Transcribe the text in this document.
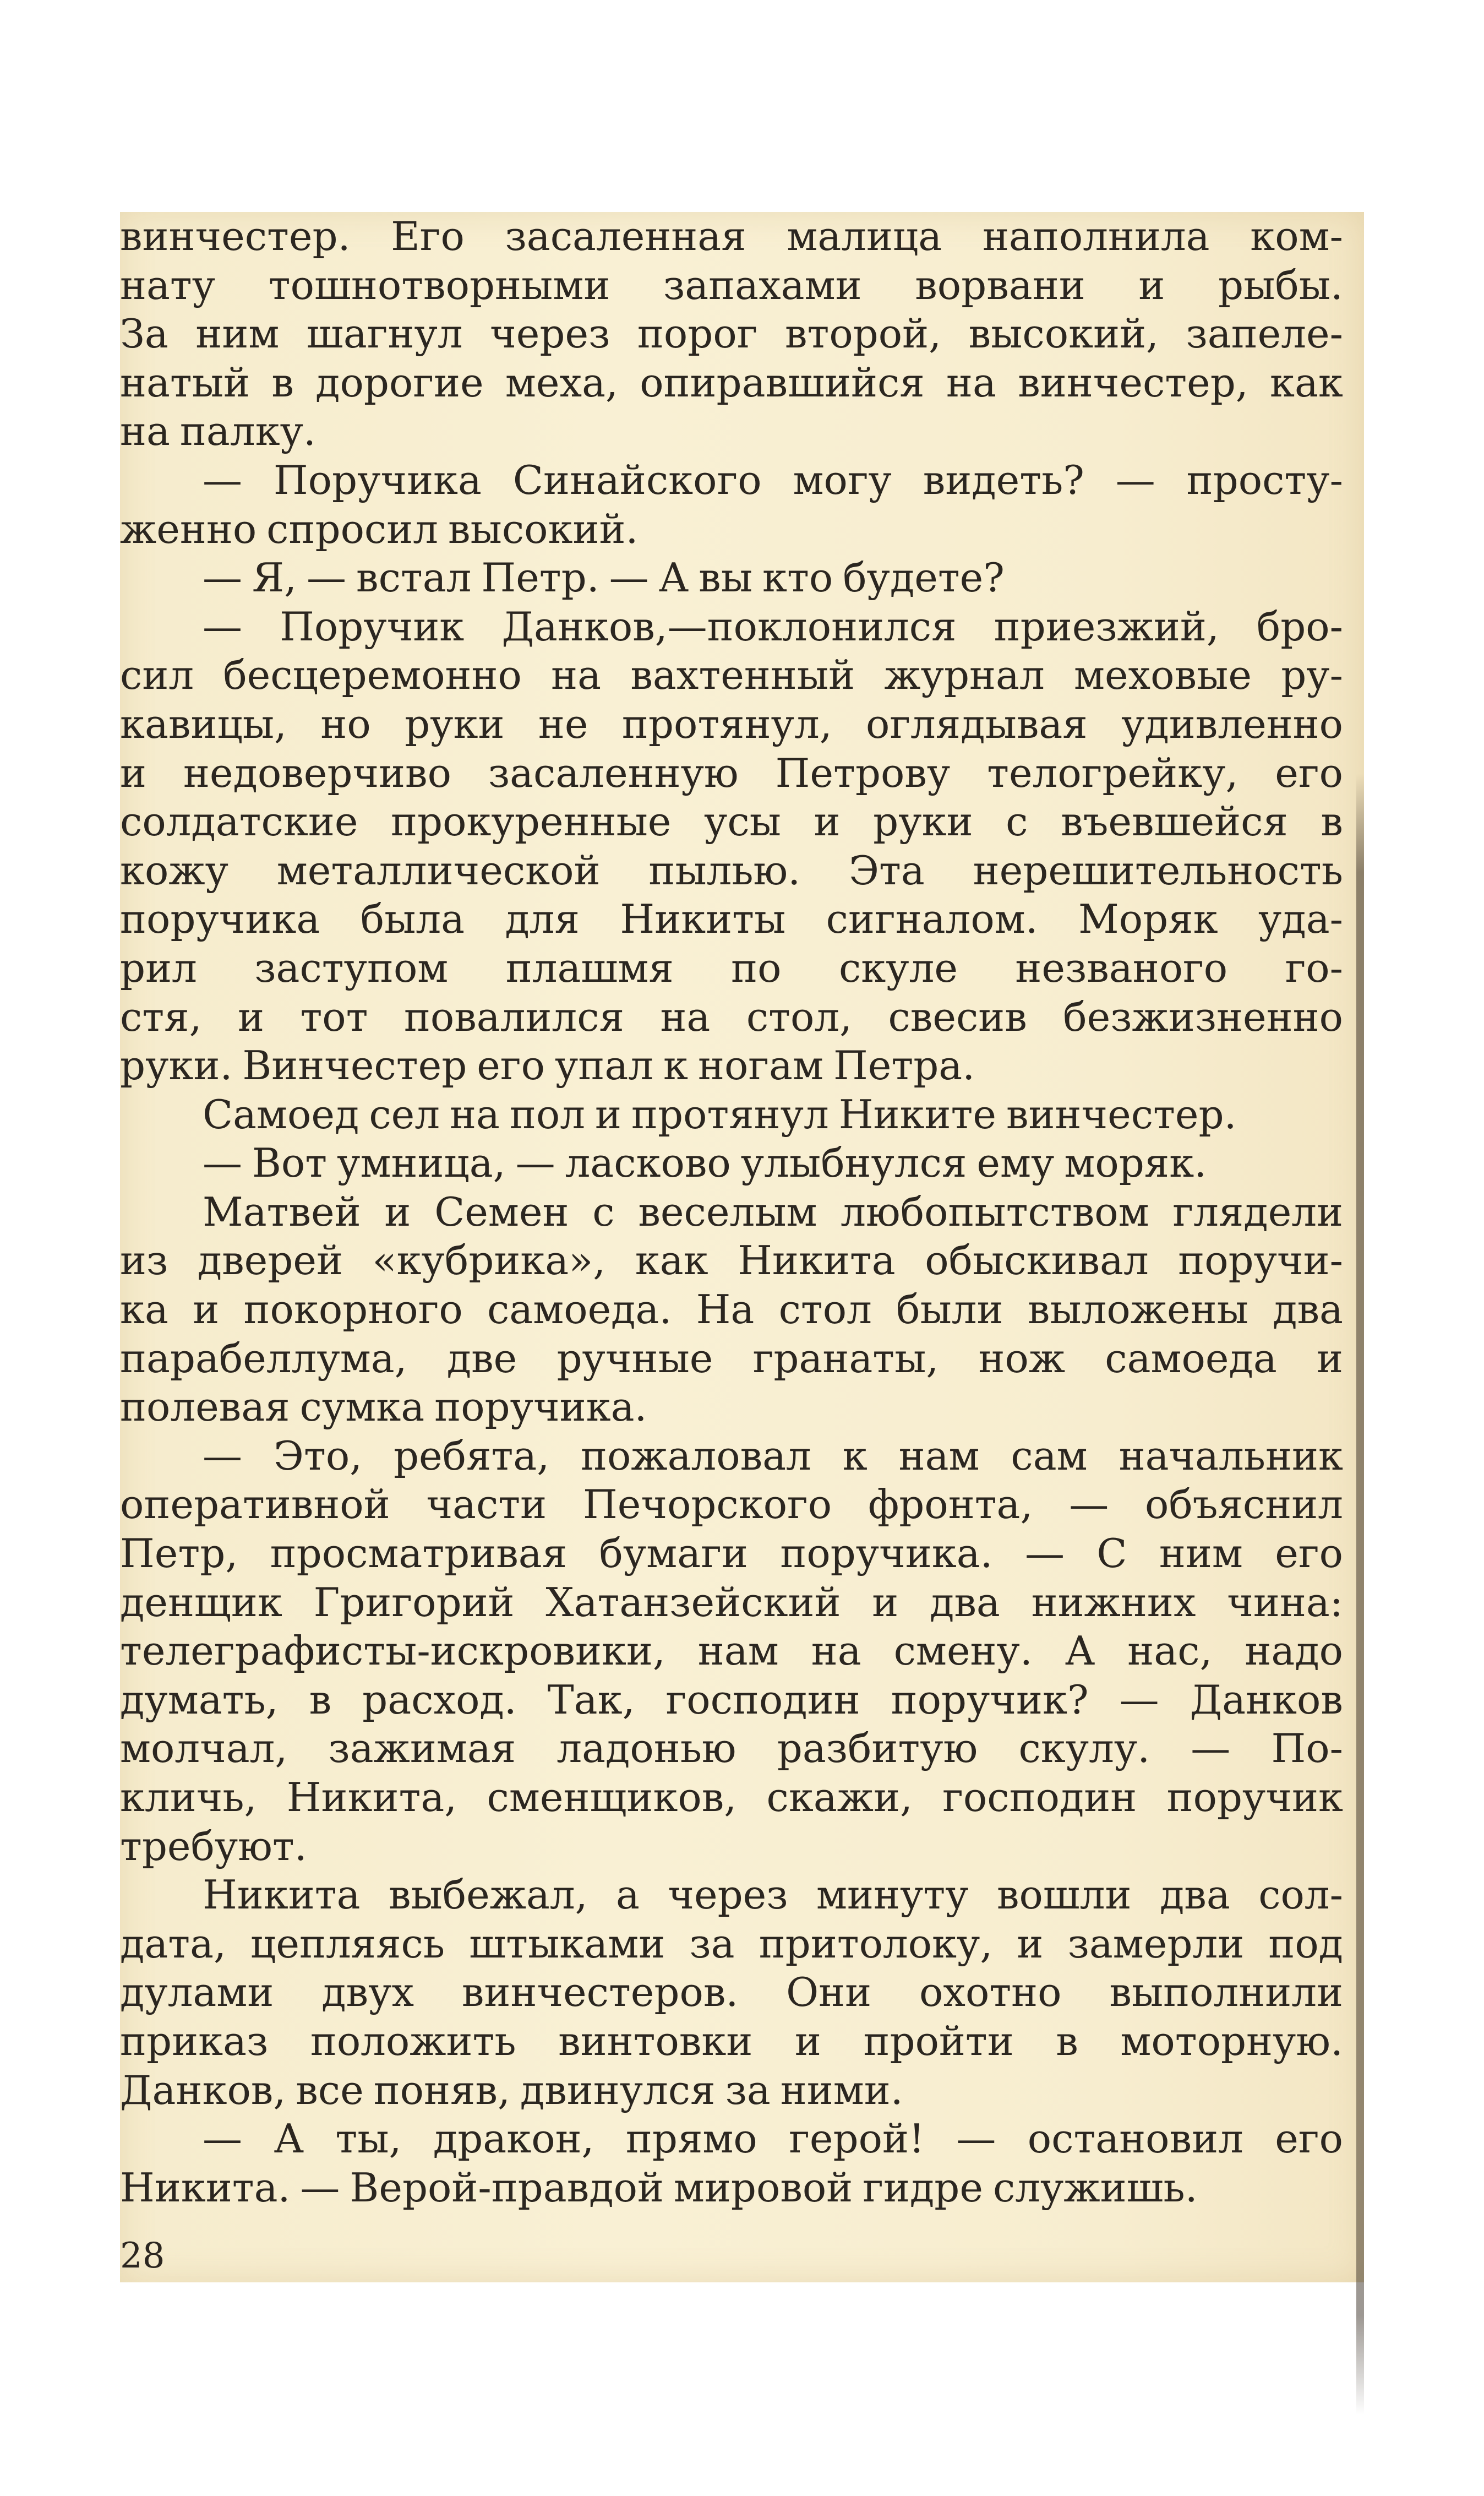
винчестер. Его засаленная малица наполнила ком-
нату тошнотворными запахами ворвани и рыбы.
За ним шагнул через порог второй, высокий, запеле-
натый в дорогие меха, опиравшийся на винчестер, как
на палку.
— Поручика Синайского могу видеть? — просту-
женно спросил высокий.
— Я, — встал Петр. — А вы кто будете?
— Поручик Данков,—поклонился приезжий, бро-
сил бесцеремонно на вахтенный журнал меховые ру-
кавицы, но руки не протянул, оглядывая удивленно
и недоверчиво засаленную Петрову телогрейку, его
солдатские прокуренные усы и руки с въевшейся в
кожу металлической пылью. Эта нерешительность
поручика была для Никиты сигналом. Моряк уда-
рил заступом плашмя по скуле незваного го-
стя, и тот повалился на стол, свесив безжизненно
руки. Винчестер его упал к ногам Петра.
Самоед сел на пол и протянул Никите винчестер.
— Вот умница, — ласково улыбнулся ему моряк.
Матвей и Семен с веселым любопытством глядели
из дверей «кубрика», как Никита обыскивал поручи-
ка и покорного самоеда. На стол были выложены два
парабеллума, две ручные гранаты, нож самоеда и
полевая сумка поручика.
— Это, ребята, пожаловал к нам сам начальник
оперативной части Печорского фронта, — объяснил
Петр, просматривая бумаги поручика. — С ним его
денщик Григорий Хатанзейский и два нижних чина:
телеграфисты-искровики, нам на смену. А нас, надо
думать, в расход. Так, господин поручик? — Данков
молчал, зажимая ладонью разбитую скулу. — По-
кличь, Никита, сменщиков, скажи, господин поручик
требуют.
Никита выбежал, а через минуту вошли два сол-
дата, цепляясь штыками за притолоку, и замерли под
дулами двух винчестеров. Они охотно выполнили
приказ положить винтовки и пройти в моторную.
Данков, все поняв, двинулся за ними.
— А ты, дракон, прямо герой! — остановил его
Никита. — Верой-правдой мировой гидре служишь.
28
